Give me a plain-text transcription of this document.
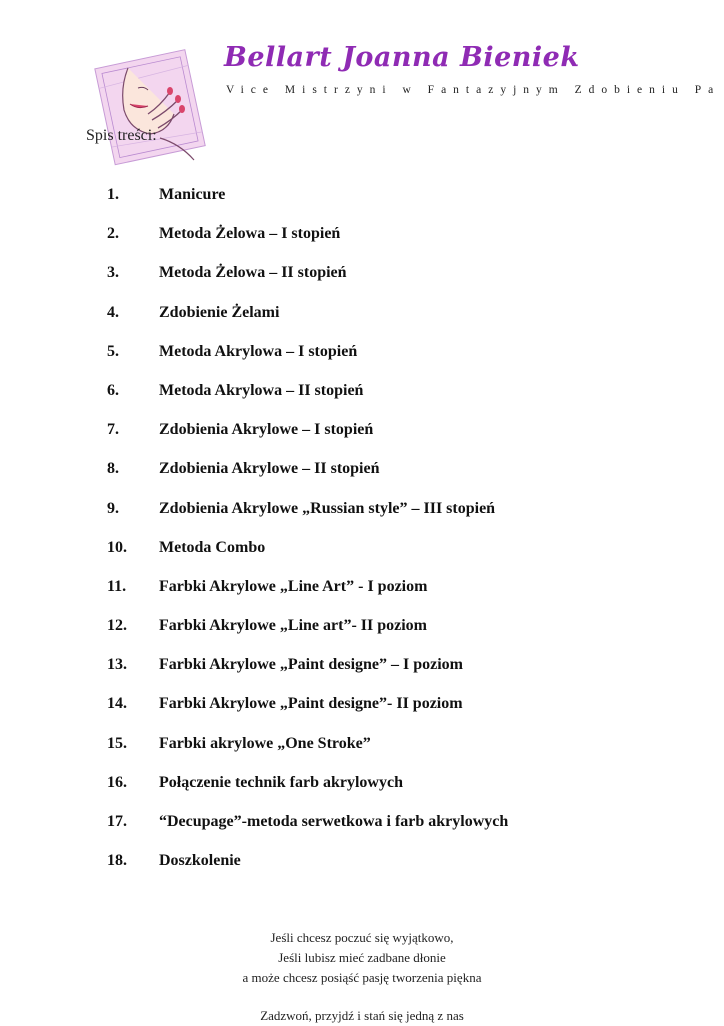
Bellart Joanna Bieniek
Vice Mistrzyni w Fantazyjnym Zdobieniu Pa
Spis treści:
1.	Manicure
2.	Metoda Żelowa – I stopień
3.	Metoda Żelowa – II stopień
4.	Zdobienie Żelami
5.	Metoda Akrylowa – I stopień
6.	Metoda Akrylowa – II stopień
7.	Zdobienia Akrylowe – I stopień
8.	Zdobienia Akrylowe – II stopień
9.	Zdobienia Akrylowe „Russian style” – III stopień
10. Metoda Combo
11. Farbki Akrylowe „Line Art” - I poziom
12. Farbki Akrylowe „Line art”- II poziom
13. Farbki Akrylowe „Paint designe” – I poziom
14. Farbki Akrylowe „Paint designe”- II poziom
15. Farbki akrylowe „One Stroke”
16. Połączenie technik farb akrylowych
17. “Decupage”-metoda serwetkowa i farb akrylowych
18. Doszkolenie
Jeśli chcesz poczuć się wyjątkowo,
Jeśli lubisz mieć zadbane dłonie
a może chcesz posiąść pasję tworzenia piękna
Zadzwoń, przyjdź i stań się jedną z nas
